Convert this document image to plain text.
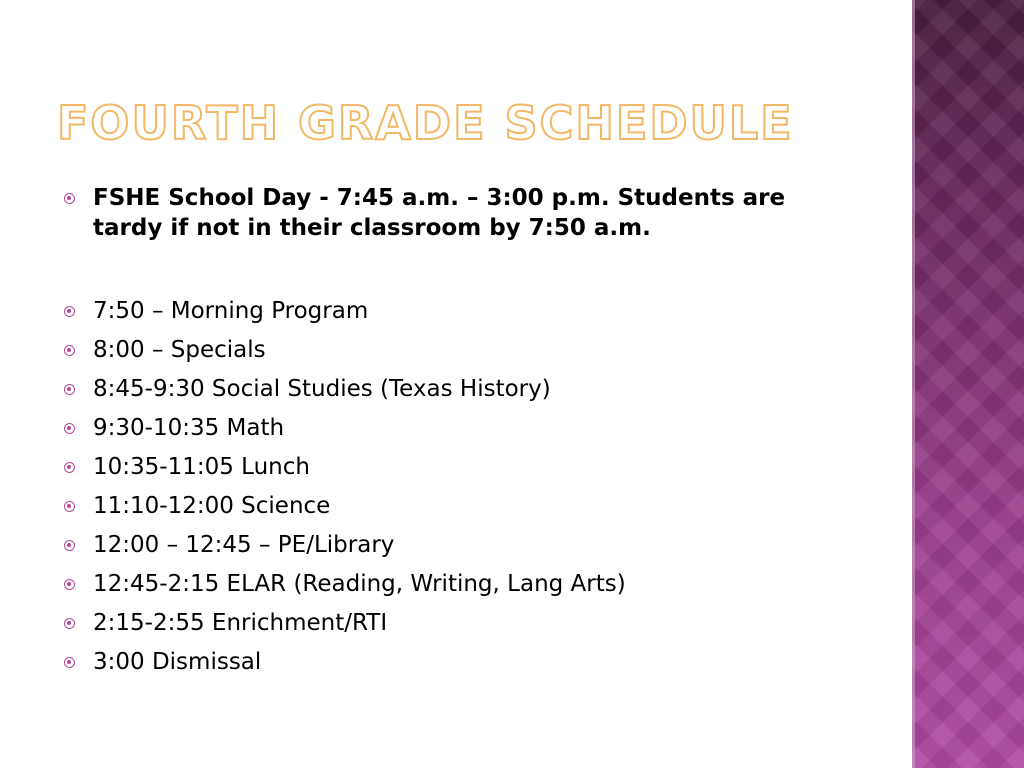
FOURTH GRADE SCHEDULE
FSHE School Day - 7:45 a.m. – 3:00 p.m. Students are tardy if not in their classroom by 7:50 a.m.
7:50 – Morning Program
8:00 – Specials
8:45-9:30 Social Studies (Texas History)
9:30-10:35 Math
10:35-11:05 Lunch
11:10-12:00 Science
12:00 – 12:45 – PE/Library
12:45-2:15 ELAR (Reading, Writing, Lang Arts)
2:15-2:55 Enrichment/RTI
3:00 Dismissal
